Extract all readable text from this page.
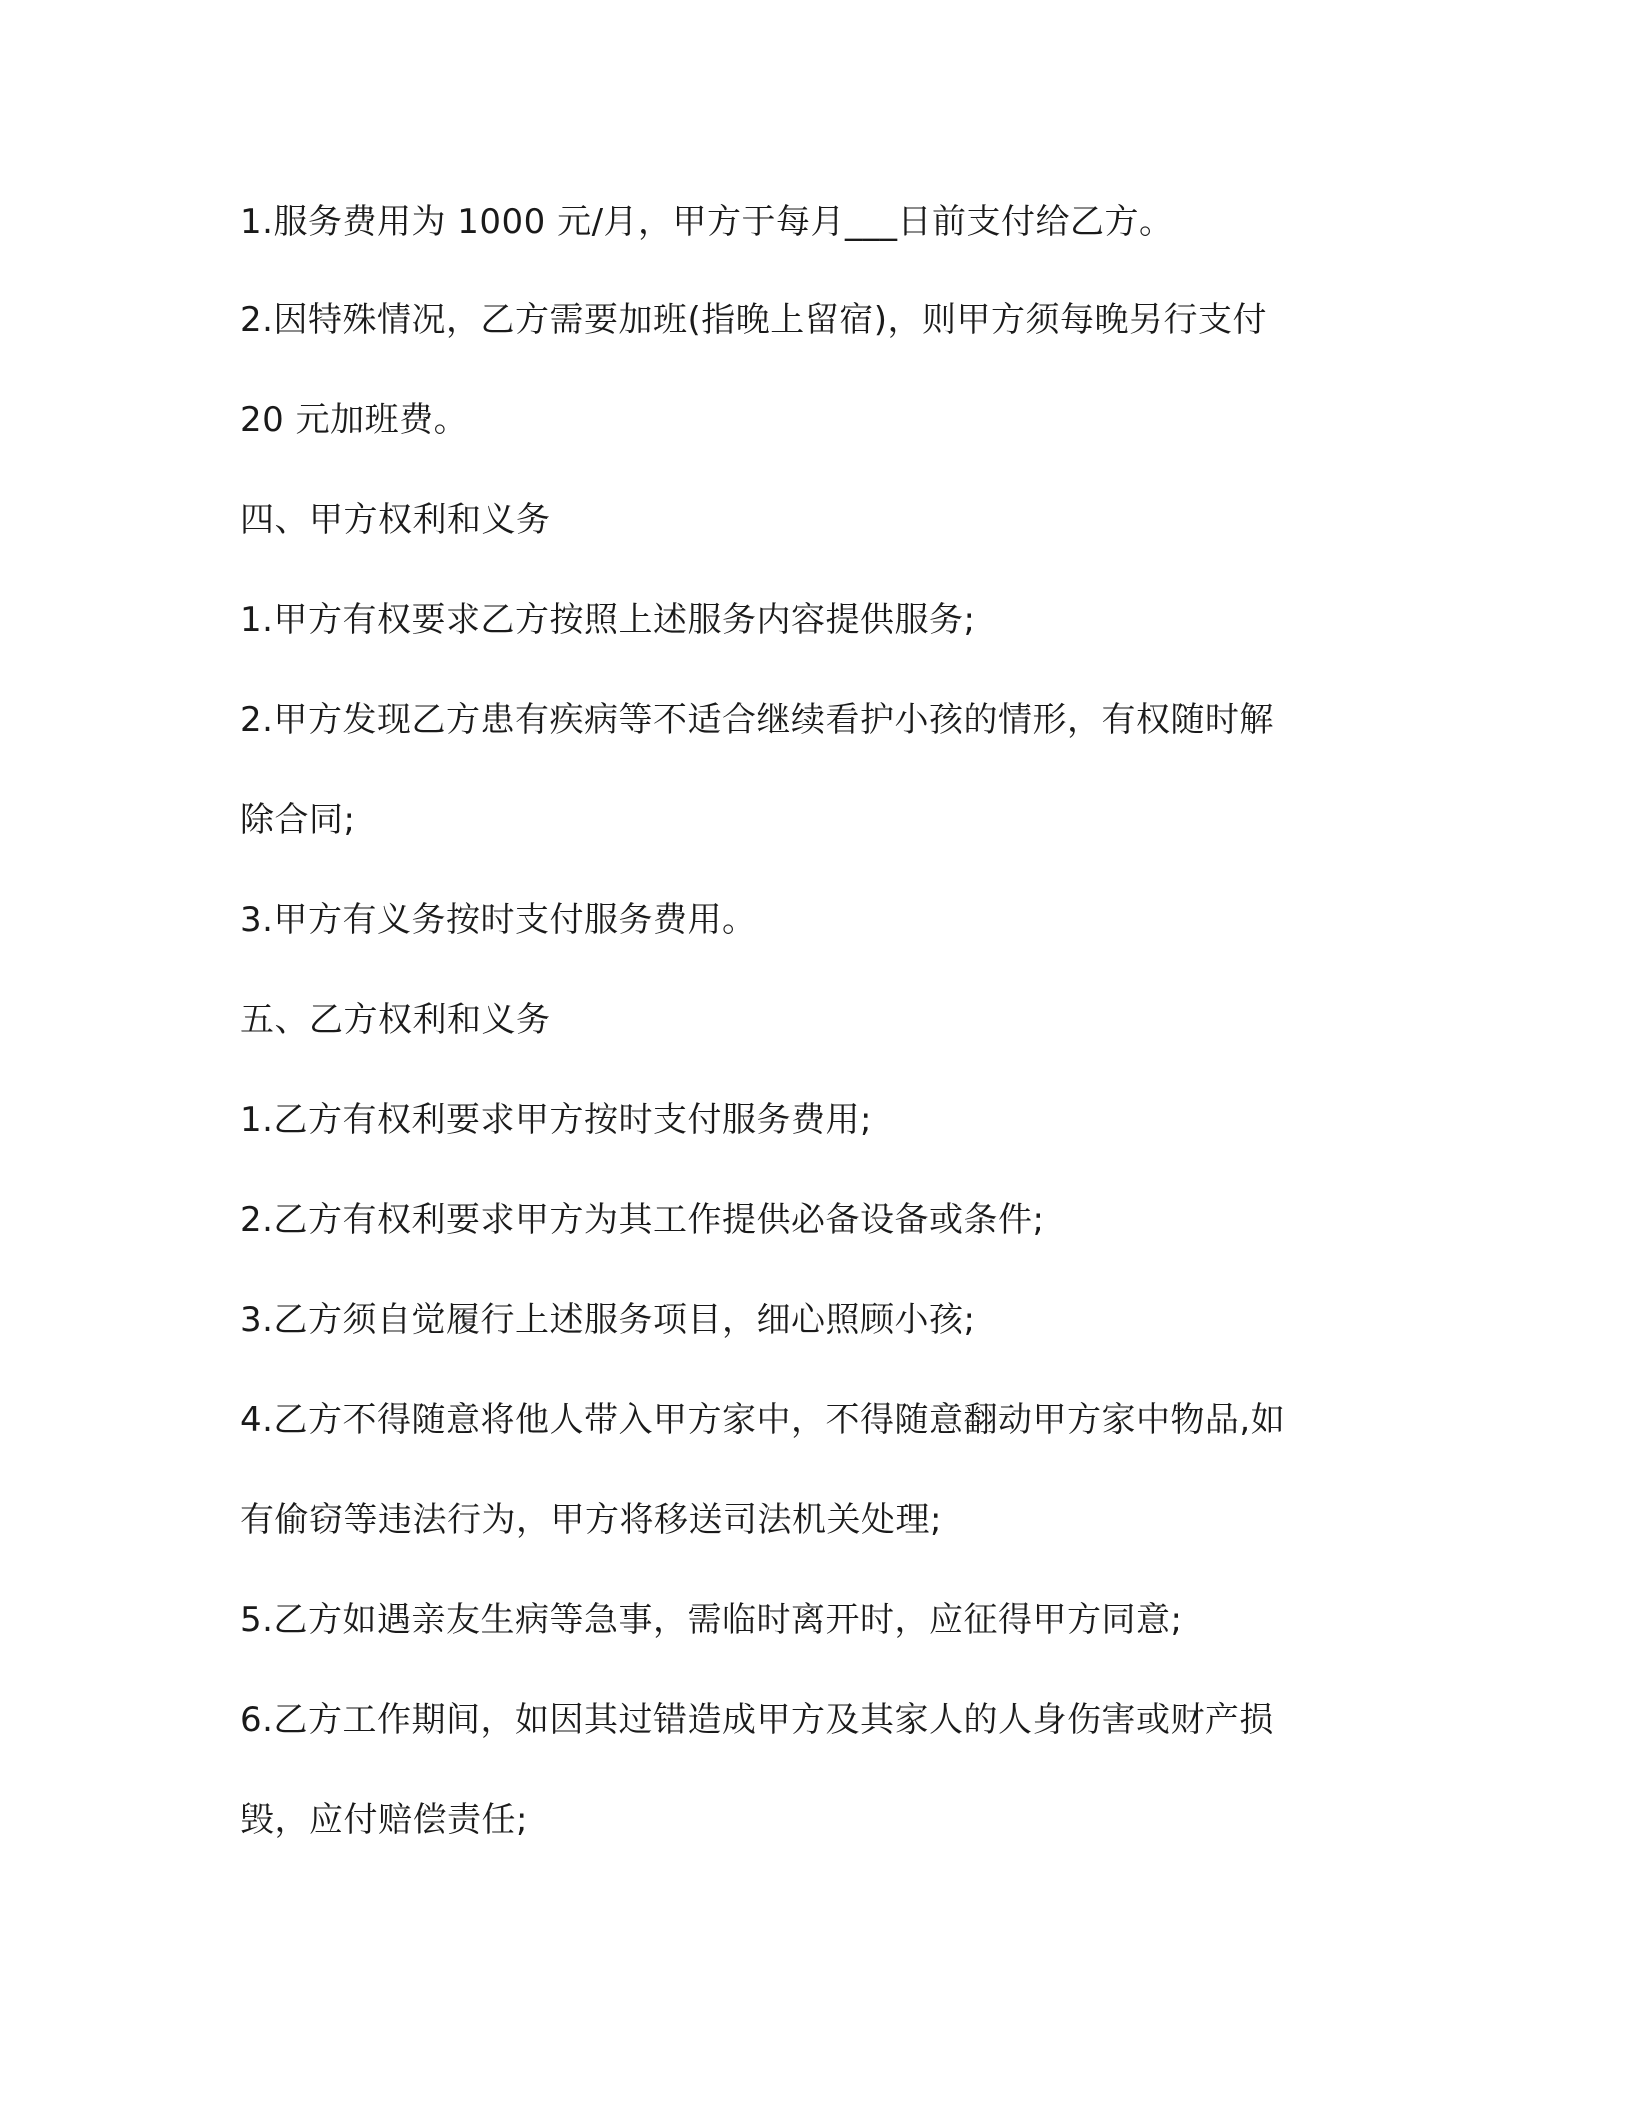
1.服务费用为 1000 元/月，甲方于每月___日前支付给乙方。
2.因特殊情况，乙方需要加班(指晚上留宿)，则甲方须每晚另行支付
20 元加班费。
四、甲方权利和义务
1.甲方有权要求乙方按照上述服务内容提供服务;
2.甲方发现乙方患有疾病等不适合继续看护小孩的情形，有权随时解
除合同;
3.甲方有义务按时支付服务费用。
五、乙方权利和义务
1.乙方有权利要求甲方按时支付服务费用;
2.乙方有权利要求甲方为其工作提供必备设备或条件;
3.乙方须自觉履行上述服务项目，细心照顾小孩;
4.乙方不得随意将他人带入甲方家中，不得随意翻动甲方家中物品,如
有偷窃等违法行为，甲方将移送司法机关处理;
5.乙方如遇亲友生病等急事，需临时离开时，应征得甲方同意;
6.乙方工作期间，如因其过错造成甲方及其家人的人身伤害或财产损
毁，应付赔偿责任;
